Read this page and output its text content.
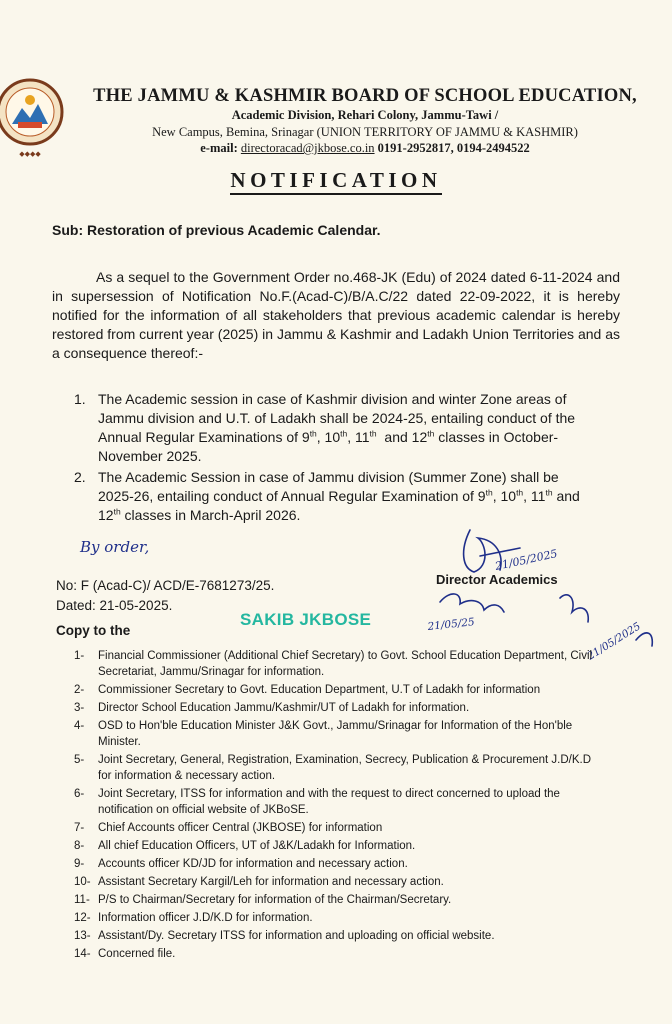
◆◆◆◆
THE JAMMU & KASHMIR BOARD OF SCHOOL EDUCATION,
Academic Division, Rehari Colony, Jammu-Tawi /
New Campus, Bemina, Srinagar (UNION TERRITORY OF JAMMU & KASHMIR)
e-mail: directoracad@jkbose.co.in 0191-2952817, 0194-2494522
NOTIFICATION
Sub: Restoration of previous Academic Calendar.
As a sequel to the Government Order no.468-JK (Edu) of 2024 dated 6-11-2024 and in supersession of Notification No.F.(Acad-C)/B/A.C/22 dated 22-09-2022, it is hereby notified for the information of all stakeholders that previous academic calendar is hereby restored from current year (2025) in Jammu & Kashmir and Ladakh Union Territories and as a consequence thereof:-
1. The Academic session in case of Kashmir division and winter Zone areas of Jammu division and U.T. of Ladakh shall be 2024-25, entailing conduct of the Annual Regular Examinations of 9th, 10th, 11th  and 12th classes in October-November 2025.
2. The Academic Session in case of Jammu division (Summer Zone) shall be 2025-26, entailing conduct of Annual Regular Examination of 9th, 10th, 11th and 12th classes in March-April 2026.
By order,
21/05/2025
21/05/25	21/05/2025
Director Academics
No: F (Acad-C)/ ACD/E-7681273/25.
Dated: 21-05-2025.
SAKIB JKBOSE
Copy to the
1-	Financial Commissioner (Additional Chief Secretary) to Govt. School Education Department, Civil Secretariat, Jammu/Srinagar for information.
2-	Commissioner Secretary to Govt. Education Department, U.T of Ladakh for information
3-	Director School Education Jammu/Kashmir/UT of Ladakh for information.
4-	OSD to Hon'ble Education Minister J&K Govt., Jammu/Srinagar for Information of the Hon'ble Minister.
5-	Joint Secretary, General, Registration, Examination, Secrecy, Publication & Procurement J.D/K.D for information & necessary action.
6-	Joint Secretary, ITSS for information and with the request to direct concerned to upload the notification on official website of JKBoSE.
7-	Chief Accounts officer Central (JKBOSE) for information
8-	All chief Education Officers, UT of J&K/Ladakh for Information.
9-	Accounts officer KD/JD for information and necessary action.
10- Assistant Secretary Kargil/Leh for information and necessary action.
11- P/S to Chairman/Secretary for information of the Chairman/Secretary.
12- Information officer J.D/K.D for information.
13- Assistant/Dy. Secretary ITSS for information and uploading on official website.
14- Concerned file.
